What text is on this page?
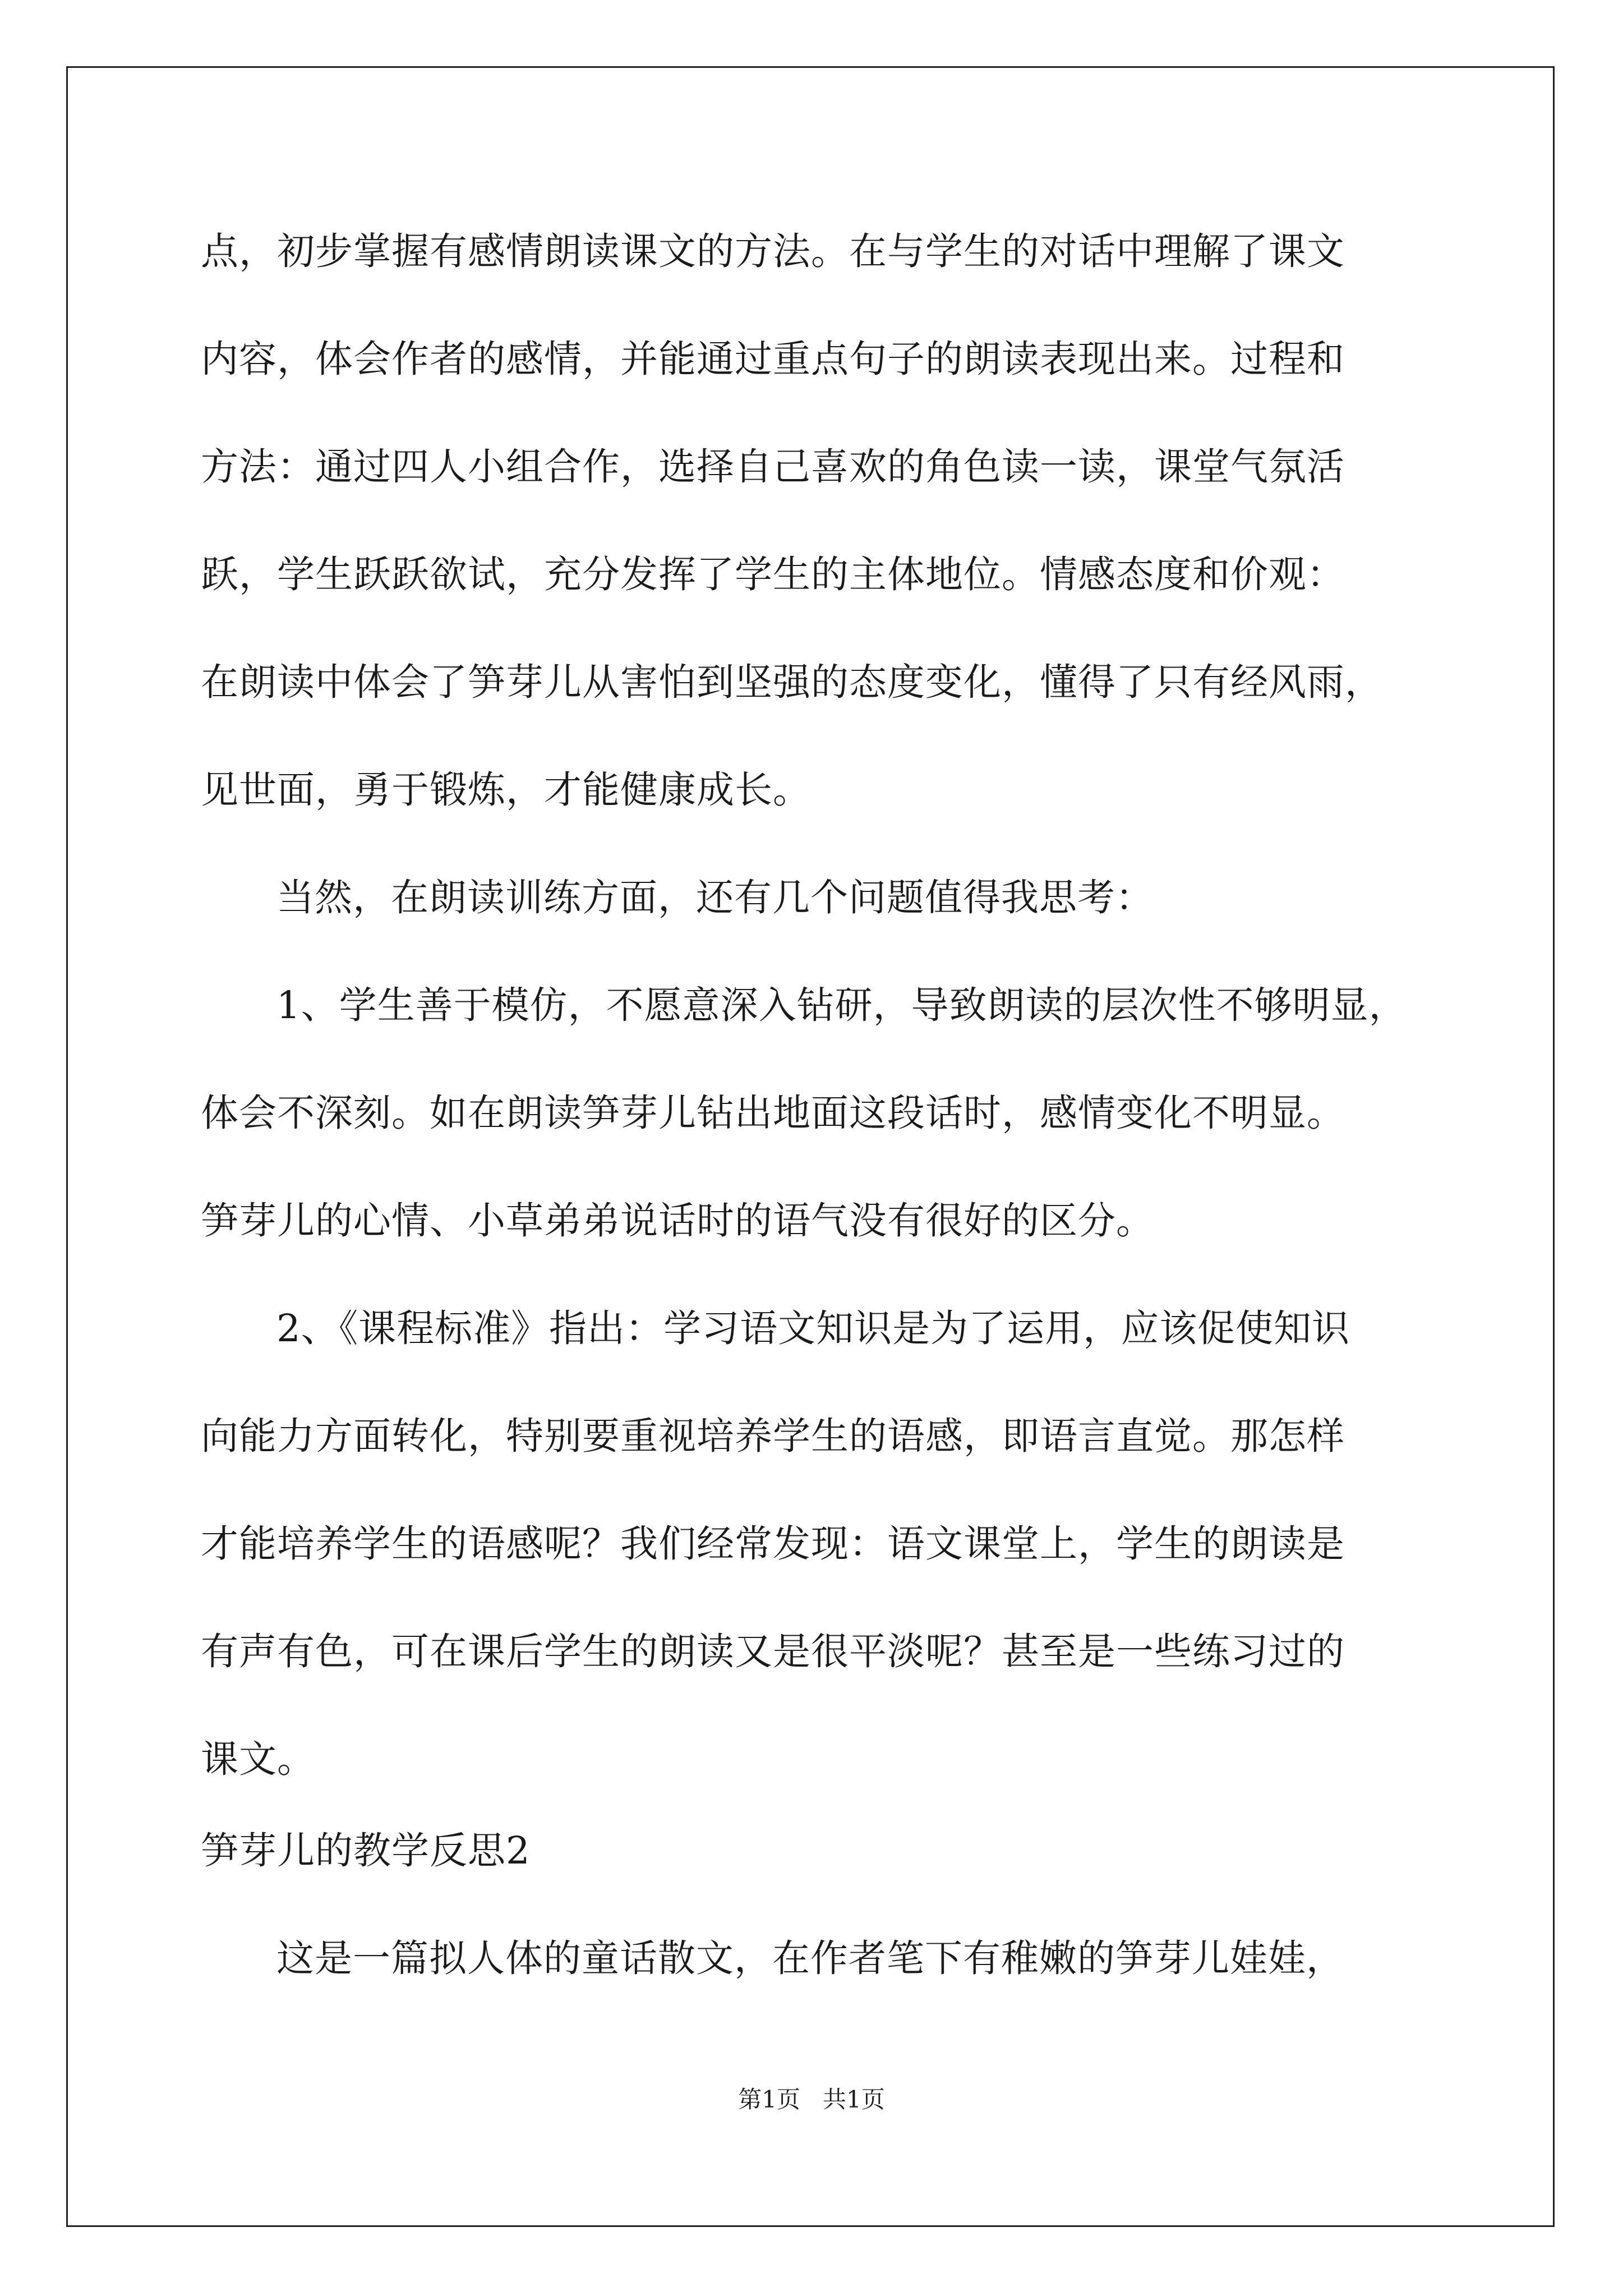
点，初步掌握有感情朗读课文的方法。在与学生的对话中理解了课文
内容，体会作者的感情，并能通过重点句子的朗读表现出来。过程和
方法：通过四人小组合作，选择自己喜欢的角色读一读，课堂气氛活
跃，学生跃跃欲试，充分发挥了学生的主体地位。情感态度和价观：
在朗读中体会了笋芽儿从害怕到坚强的态度变化，懂得了只有经风雨，
见世面，勇于锻炼，才能健康成长。
当然，在朗读训练方面，还有几个问题值得我思考：
1、学生善于模仿，不愿意深入钻研，导致朗读的层次性不够明显，
体会不深刻。如在朗读笋芽儿钻出地面这段话时，感情变化不明显。
笋芽儿的心情、小草弟弟说话时的语气没有很好的区分。
2、《课程标准》指出：学习语文知识是为了运用，应该促使知识
向能力方面转化，特别要重视培养学生的语感，即语言直觉。那怎样
才能培养学生的语感呢？我们经常发现：语文课堂上，学生的朗读是
有声有色，可在课后学生的朗读又是很平淡呢？甚至是一些练习过的
课文。
笋芽儿的教学反思2
这是一篇拟人体的童话散文，在作者笔下有稚嫩的笋芽儿娃娃，
第1页   共1页
